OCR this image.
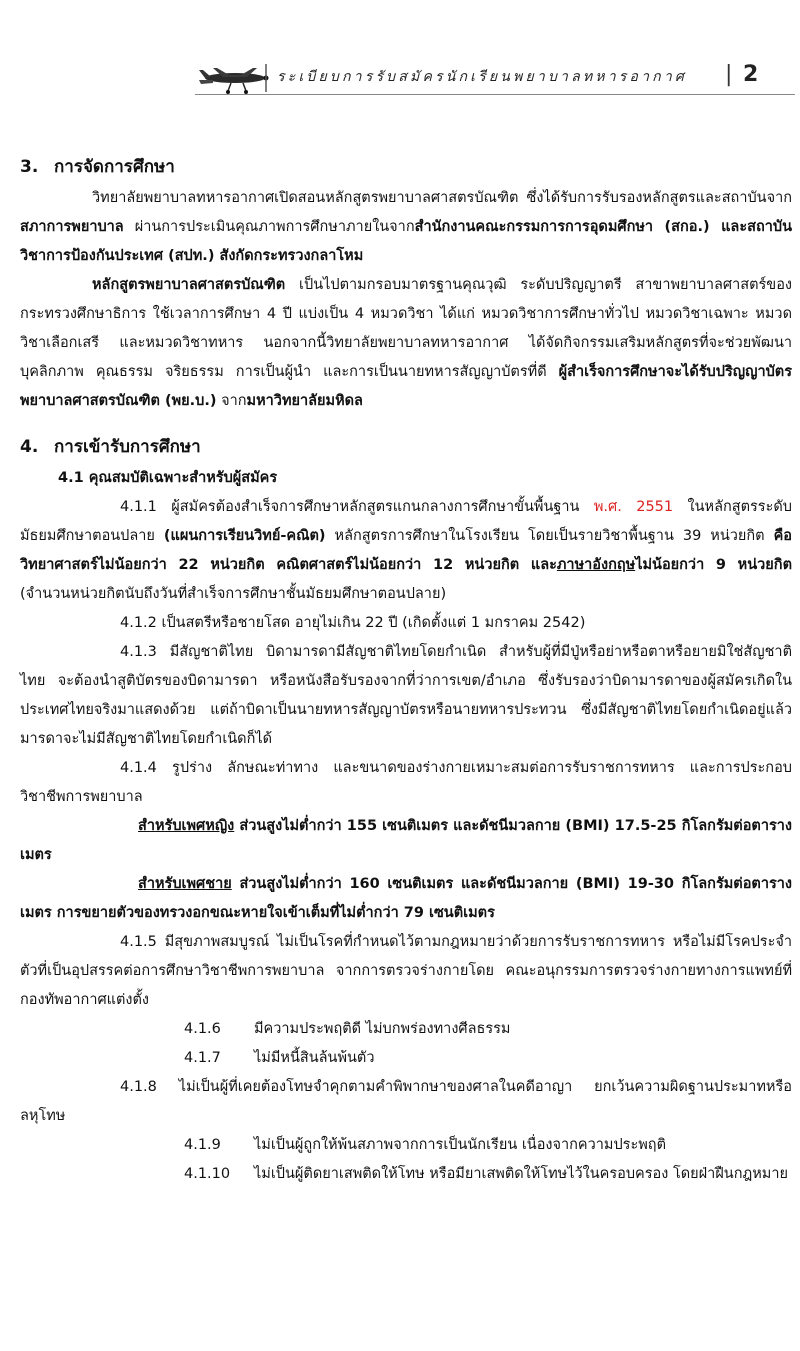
ระเบียบการรับสมัครนักเรียนพยาบาลทหารอากาศ | 2
3. การจัดการศึกษา

วิทยาลัยพยาบาลทหารอากาศเปิดสอนหลักสูตรพยาบาลศาสตรบัณฑิต ซึ่งได้รับการรับรองหลักสูตรและสถาบันจากสภาการพยาบาล ผ่านการประเมินคุณภาพการศึกษาภายในจากสำนักงานคณะกรรมการการอุดมศึกษา (สกอ.) และสถาบันวิชาการป้องกันประเทศ (สปท.) สังกัดกระทรวงกลาโหม

หลักสูตรพยาบาลศาสตรบัณฑิต เป็นไปตามกรอบมาตรฐานคุณวุฒิ ระดับปริญญาตรี สาขาพยาบาลศาสตร์ของกระทรวงศึกษาธิการ ใช้เวลาการศึกษา 4 ปี แบ่งเป็น 4 หมวดวิชา ได้แก่ หมวดวิชาการศึกษาทั่วไป หมวดวิชาเฉพาะ หมวดวิชาเลือกเสรี และหมวดวิชาทหาร นอกจากนี้วิทยาลัยพยาบาลทหารอากาศ ได้จัดกิจกรรมเสริมหลักสูตรที่จะช่วยพัฒนาบุคลิกภาพ คุณธรรม จริยธรรม การเป็นผู้นำ และการเป็นนายทหารสัญญาบัตรที่ดี ผู้สำเร็จการศึกษาจะได้รับปริญญาบัตรพยาบาลศาสตรบัณฑิต (พย.บ.) จากมหาวิทยาลัยมหิดล

4. การเข้ารับการศึกษา

4.1 คุณสมบัติเฉพาะสำหรับผู้สมัคร

4.1.1 ผู้สมัครต้องสำเร็จการศึกษาหลักสูตรแกนกลางการศึกษาขั้นพื้นฐาน พ.ศ. 2551 ในหลักสูตรระดับมัธยมศึกษาตอนปลาย (แผนการเรียนวิทย์-คณิต) หลักสูตรการศึกษาในโรงเรียน โดยเป็นรายวิชาพื้นฐาน 39 หน่วยกิต คือ วิทยาศาสตร์ไม่น้อยกว่า 22 หน่วยกิต คณิตศาสตร์ไม่น้อยกว่า 12 หน่วยกิต และภาษาอังกฤษไม่น้อยกว่า 9 หน่วยกิต (จำนวนหน่วยกิตนับถึงวันที่สำเร็จการศึกษาชั้นมัธยมศึกษาตอนปลาย)

4.1.2 เป็นสตรีหรือชายโสด อายุไม่เกิน 22 ปี (เกิดตั้งแต่ 1 มกราคม 2542)

4.1.3 มีสัญชาติไทย บิดามารดามีสัญชาติไทยโดยกำเนิด สำหรับผู้ที่มีปู่หรือย่าหรือตาหรือยายมิใช่สัญชาติไทย จะต้องนำสูติบัตรของบิดามารดา หรือหนังสือรับรองจากที่ว่าการเขต/อำเภอ ซึ่งรับรองว่าบิดามารดาของผู้สมัครเกิดในประเทศไทยจริงมาแสดงด้วย แต่ถ้าบิดาเป็นนายทหารสัญญาบัตรหรือนายทหารประทวน ซึ่งมีสัญชาติไทยโดยกำเนิดอยู่แล้ว มารดาจะไม่มีสัญชาติไทยโดยกำเนิดก็ได้

4.1.4 รูปร่าง ลักษณะท่าทาง และขนาดของร่างกายเหมาะสมต่อการรับราชการทหาร และการประกอบวิชาชีพการพยาบาล

สำหรับเพศหญิง ส่วนสูงไม่ต่ำกว่า 155 เซนติเมตร และดัชนีมวลกาย (BMI) 17.5-25 กิโลกรัมต่อตารางเมตร

สำหรับเพศชาย ส่วนสูงไม่ต่ำกว่า 160 เซนติเมตร และดัชนีมวลกาย (BMI) 19-30 กิโลกรัมต่อตารางเมตร การขยายตัวของทรวงอกขณะหายใจเข้าเต็มที่ไม่ต่ำกว่า 79 เซนติเมตร

4.1.5 มีสุขภาพสมบูรณ์ ไม่เป็นโรคที่กำหนดไว้ตามกฎหมายว่าด้วยการรับราชการทหาร หรือไม่มีโรคประจำตัวที่เป็นอุปสรรคต่อการศึกษาวิชาชีพการพยาบาล จากการตรวจร่างกายโดย คณะอนุกรรมการตรวจร่างกายทางการแพทย์ที่กองทัพอากาศแต่งตั้ง

4.1.6	มีความประพฤติดี ไม่บกพร่องทางศีลธรรม
4.1.7	ไม่มีหนี้สินล้นพ้นตัว

4.1.8 ไม่เป็นผู้ที่เคยต้องโทษจำคุกตามคำพิพากษาของศาลในคดีอาญา ยกเว้นความผิดฐานประมาทหรือลหุโทษ

4.1.9	ไม่เป็นผู้ถูกให้พ้นสภาพจากการเป็นนักเรียน เนื่องจากความประพฤติ
4.1.10	ไม่เป็นผู้ติดยาเสพติดให้โทษ หรือมียาเสพติดให้โทษไว้ในครอบครอง โดยฝ่าฝืนกฎหมาย
